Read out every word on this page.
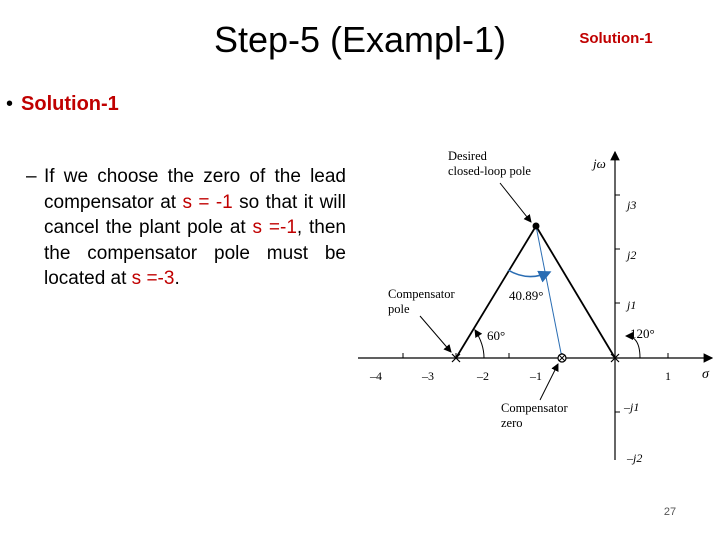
Step-5 (Exampl-1)	Solution-1
• Solution-1
– If we choose the zero of the lead compensator at s = -1 so that it will cancel the plant pole at s =-1, then the compensator pole must be located at s =-3.
jω
σ
j3
j2
j1
–j1
–j2
–4	–3	–2	–1	1
40.89°
60°	120°
Desired
closed-loop pole
Compensator
pole
Compensator
zero
27
